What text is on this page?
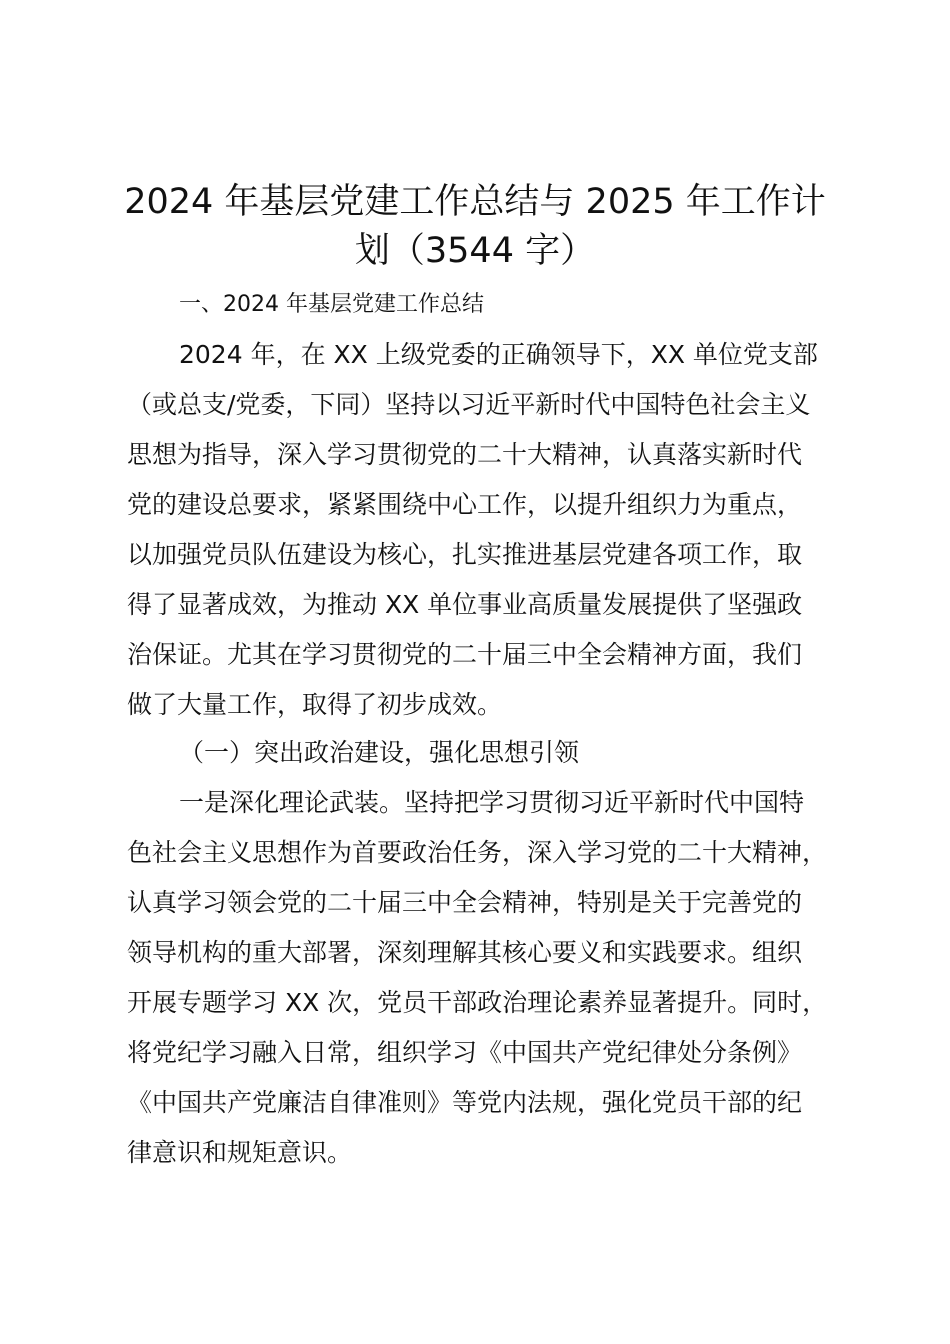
2024 年基层党建工作总结与 2025 年工作计
划（3544 字）

一、2024 年基层党建工作总结

2024 年，在 XX 上级党委的正确领导下，XX 单位党支部
（或总支/党委，下同）坚持以习近平新时代中国特色社会主义
思想为指导，深入学习贯彻党的二十大精神，认真落实新时代
党的建设总要求，紧紧围绕中心工作，以提升组织力为重点，
以加强党员队伍建设为核心，扎实推进基层党建各项工作，取
得了显著成效，为推动 XX 单位事业高质量发展提供了坚强政
治保证。尤其在学习贯彻党的二十届三中全会精神方面，我们
做了大量工作，取得了初步成效。

（一）突出政治建设，强化思想引领

一是深化理论武装。坚持把学习贯彻习近平新时代中国特
色社会主义思想作为首要政治任务，深入学习党的二十大精神，
认真学习领会党的二十届三中全会精神，特别是关于完善党的
领导机构的重大部署，深刻理解其核心要义和实践要求。组织
开展专题学习 XX 次，党员干部政治理论素养显著提升。同时，
将党纪学习融入日常，组织学习《中国共产党纪律处分条例》
《中国共产党廉洁自律准则》等党内法规，强化党员干部的纪
律意识和规矩意识。
